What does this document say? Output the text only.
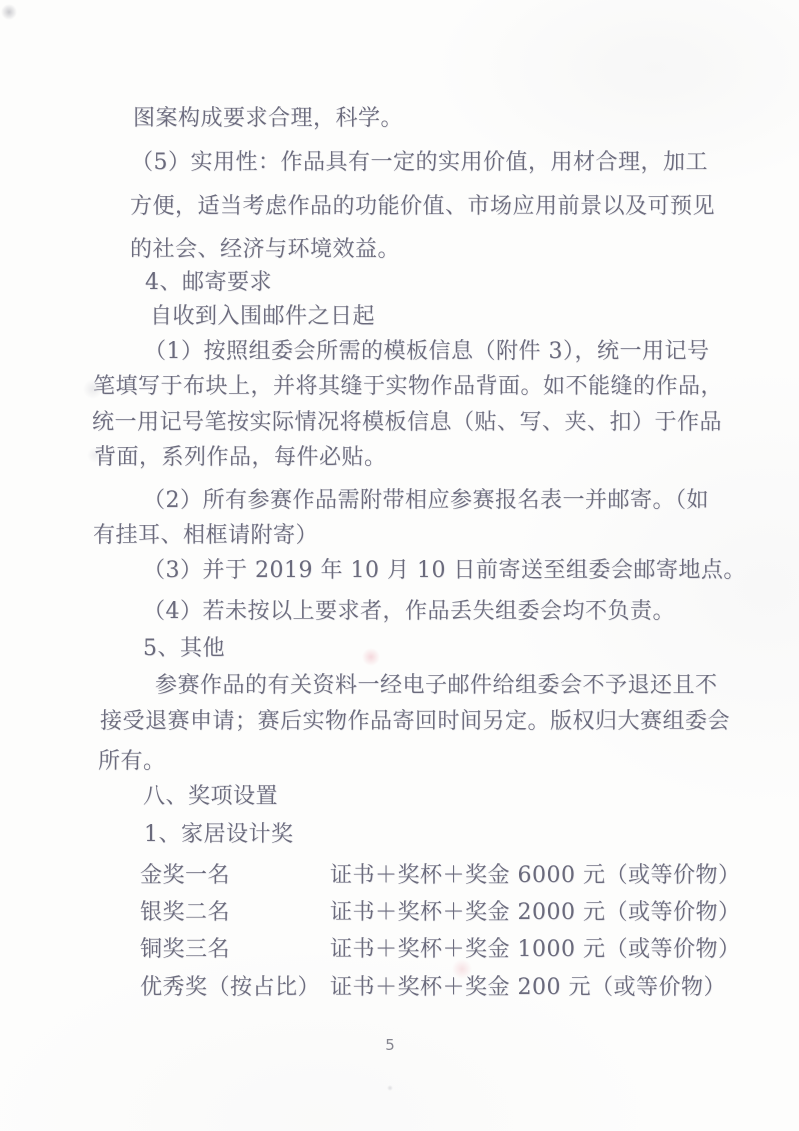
图案构成要求合理，科学。
（5）实用性：作品具有一定的实用价值，用材合理，加工
方便，适当考虑作品的功能价值、市场应用前景以及可预见
的社会、经济与环境效益。
4、邮寄要求
自收到入围邮件之日起
（1）按照组委会所需的模板信息（附件 3），统一用记号
笔填写于布块上，并将其缝于实物作品背面。如不能缝的作品，
统一用记号笔按实际情况将模板信息（贴、写、夹、扣）于作品
背面，系列作品，每件必贴。
（2）所有参赛作品需附带相应参赛报名表一并邮寄。（如
有挂耳、相框请附寄）
（3）并于 2019 年 10 月 10 日前寄送至组委会邮寄地点。
（4）若未按以上要求者，作品丢失组委会均不负责。
5、其他
参赛作品的有关资料一经电子邮件给组委会不予退还且不
接受退赛申请；赛后实物作品寄回时间另定。版权归大赛组委会
所有。
八、奖项设置
1、家居设计奖
金奖一名	证书＋奖杯＋奖金 6000 元（或等价物）
银奖二名	证书＋奖杯＋奖金 2000 元（或等价物）
铜奖三名	证书＋奖杯＋奖金 1000 元（或等价物）
优秀奖（按占比） 证书＋奖杯＋奖金 200 元（或等价物）
5
